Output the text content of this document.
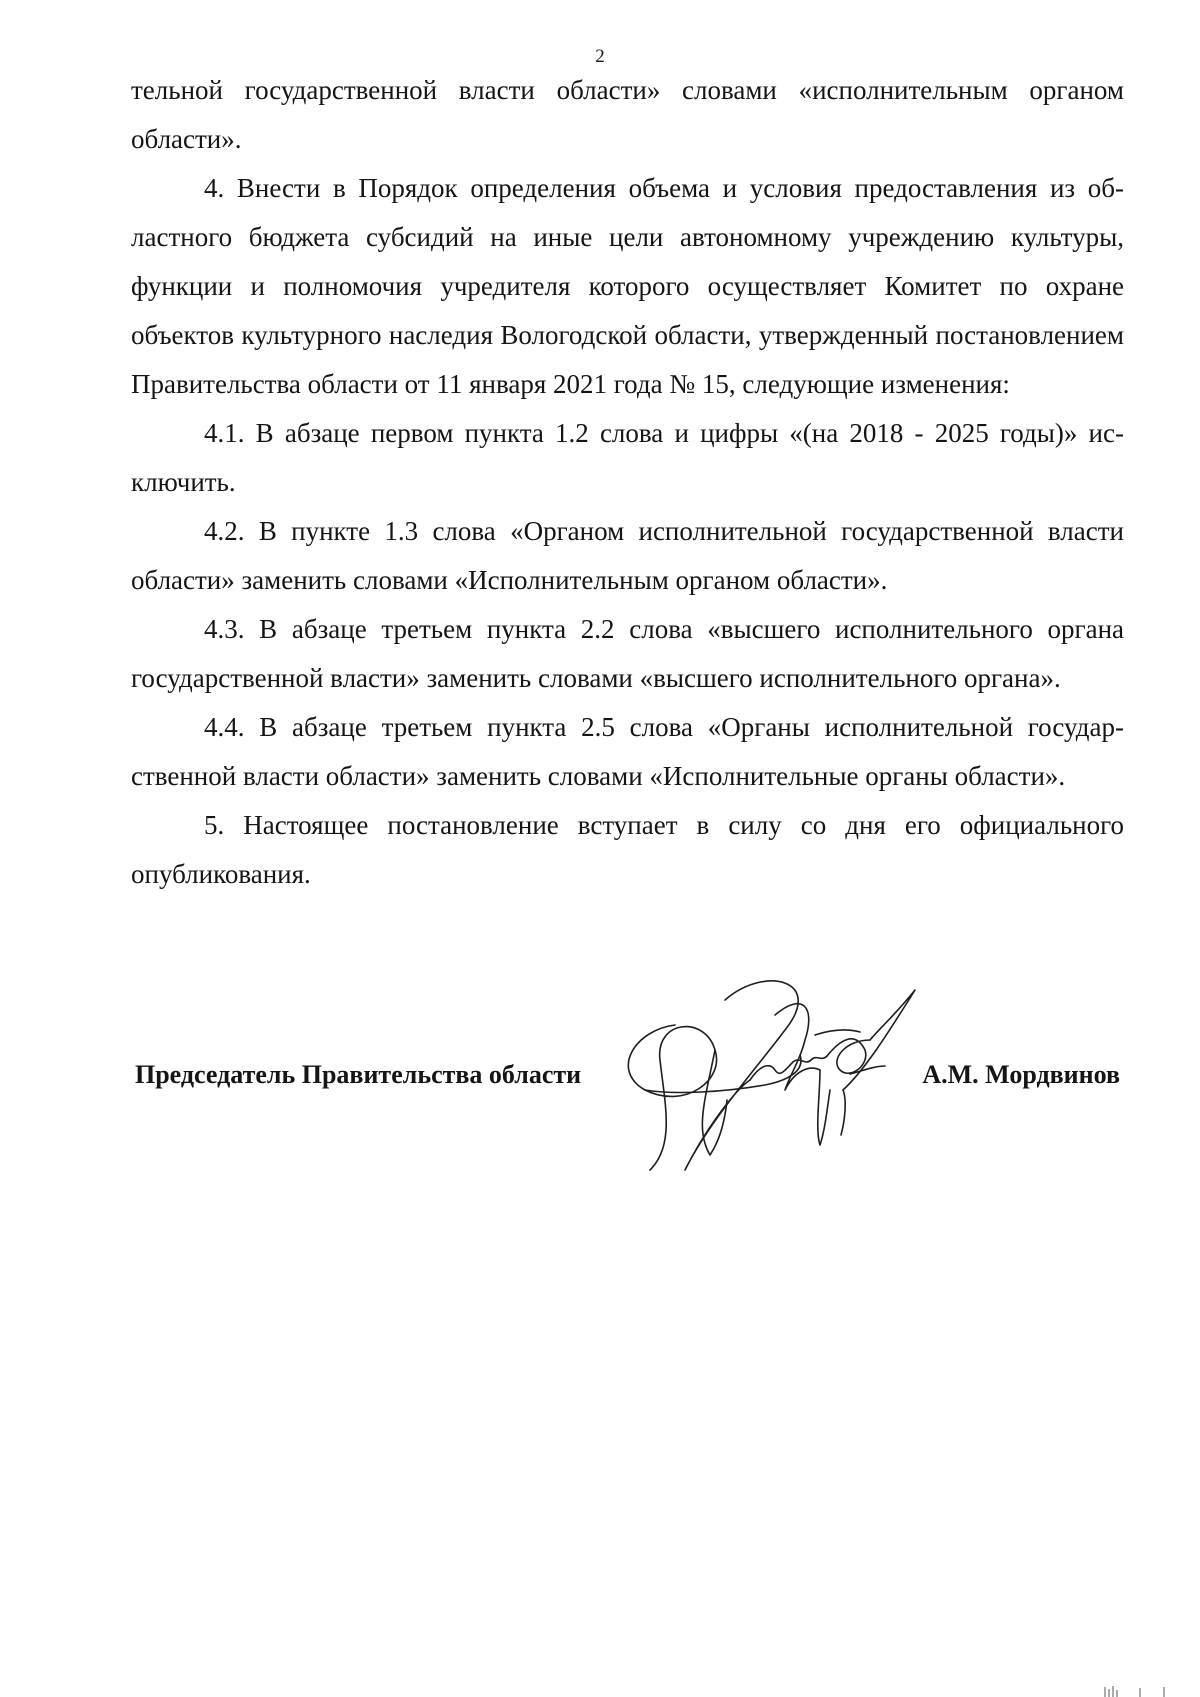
2

тельной государственной власти области» словами «исполнительным органом области».

4. Внести в Порядок определения объема и условия предоставления из областного бюджета субсидий на иные цели автономному учреждению культуры, функции и полномочия учредителя которого осуществляет Комитет по охране объектов культурного наследия Вологодской области, утвержденный постановлением Правительства области от 11 января 2021 года № 15, следующие изменения:

4.1. В абзаце первом пункта 1.2 слова и цифры «(на 2018 - 2025 годы)» исключить.

4.2. В пункте 1.3 слова «Органом исполнительной государственной власти области» заменить словами «Исполнительным органом области».

4.3. В абзаце третьем пункта 2.2 слова «высшего исполнительного органа государственной власти» заменить словами «высшего исполнительного органа».

4.4. В абзаце третьем пункта 2.5 слова «Органы исполнительной государственной власти области» заменить словами «Исполнительные органы области».

5. Настоящее постановление вступает в силу со дня его официального опубликования.

Председатель Правительства области	А.М. Мордвинов
